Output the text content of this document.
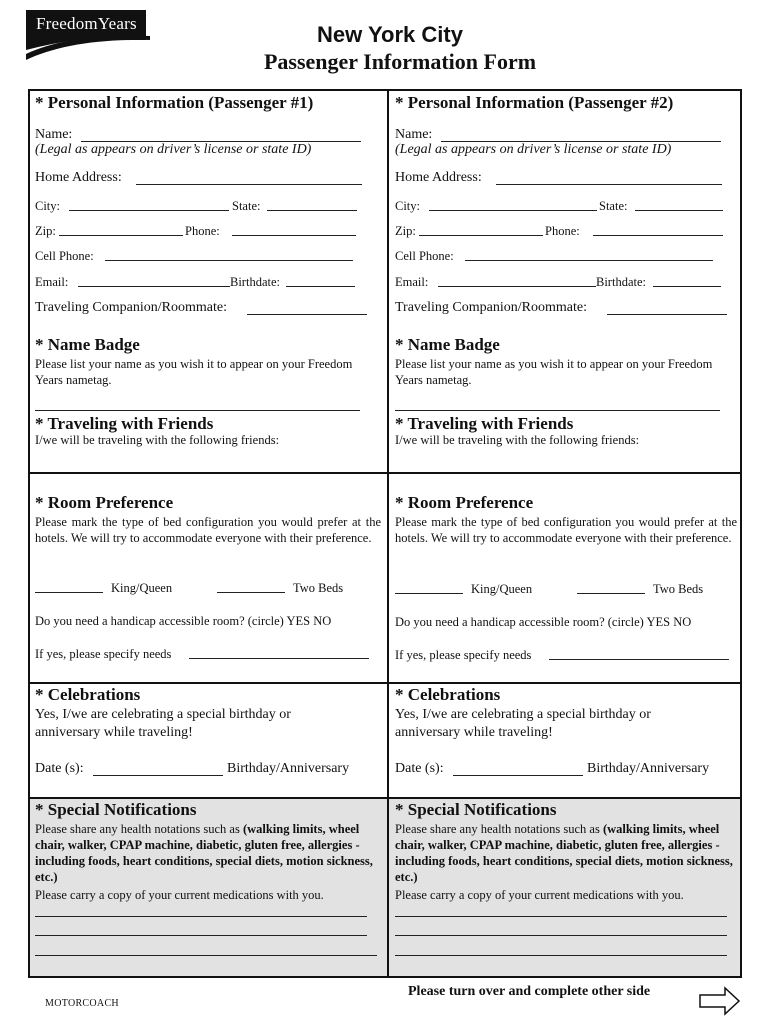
FreedomYears	New York City
Passenger Information Form
* Personal Information (Passenger #1)
Name:
(Legal as appears on driver’s license or state ID)
Home Address:
City:	State:
Zip:	Phone:
Cell Phone:
Email:	Birthdate:
Traveling Companion/Roommate:
* Name Badge
Please list your name as you wish it to appear on your Freedom Years nametag.
* Traveling with Friends
I/we will be traveling with the following friends:
* Room Preference
Please mark the type of bed configuration you would prefer at the hotels. We will try to accommodate everyone with their preference.
King/Queen	Two Beds
Do you need a handicap accessible room? (circle) YES NO
If yes, please specify needs
* Celebrations
Yes, I/we are celebrating a special birthday or anniversary while traveling!
Date (s):	Birthday/Anniversary
* Special Notifications
Please share any health notations such as (walking limits, wheel chair, walker, CPAP machine, diabetic, gluten free, allergies - including foods, heart conditions, special diets, motion sickness, etc.)
Please carry a copy of your current medications with you.
* Personal Information (Passenger #2)
Name:
(Legal as appears on driver’s license or state ID)
Home Address:
City:	State:
Zip:	Phone:
Cell Phone:
Email:	Birthdate:
Traveling Companion/Roommate:
* Name Badge
Please list your name as you wish it to appear on your Freedom Years nametag.
* Traveling with Friends
I/we will be traveling with the following friends:
* Room Preference
Please mark the type of bed configuration you would prefer at the hotels. We will try to accommodate everyone with their preference.
King/Queen	Two Beds
Do you need a handicap accessible room? (circle) YES NO
If yes, please specify needs
* Celebrations
Yes, I/we are celebrating a special birthday or anniversary while traveling!
Date (s):	Birthday/Anniversary
* Special Notifications
Please share any health notations such as (walking limits, wheel chair, walker, CPAP machine, diabetic, gluten free, allergies - including foods, heart conditions, special diets, motion sickness, etc.)
Please carry a copy of your current medications with you.
MOTORCOACH
Please turn over and complete other side
